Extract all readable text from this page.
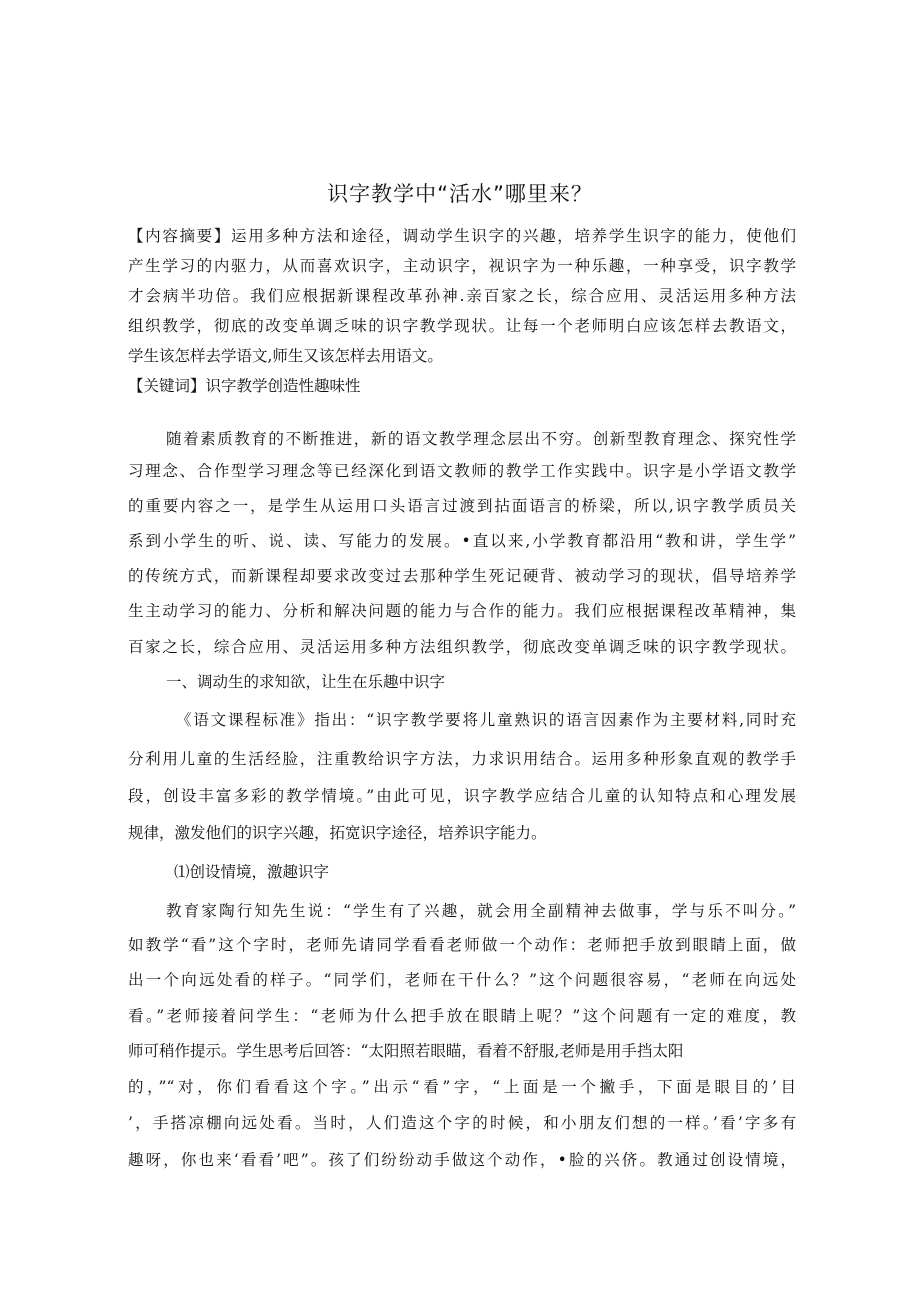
识字教学中“活水”哪里来？
【内容摘要】运用多种方法和途径，调动学生识字的兴趣，培养学生识字的能力，使他们
产生学习的内驱力，从而喜欢识字，主动识字，视识字为一种乐趣，一种享受，识字教学
才会病半功倍。我们应根据新课程改革孙神.亲百家之长，综合应用、灵活运用多种方法
组织教学，彻底的改变单调乏味的识字教学现状。让每一个老师明白应该怎样去教语文，
学生该怎样去学语文,师生又该怎样去用语文。
【关键词】识字教学创造性趣味性
随着素质教育的不断推进，新的语文教学理念层出不穷。创新型教育理念、探究性学
习理念、合作型学习理念等已经深化到语文教师的教学工作实践中。识字是小学语文教学
的重要内容之一，是学生从运用口头语言过渡到拈面语言的桥梁，所以,识字教学质员关
系到小学生的听、说、读、写能力的发展。•直以来,小学教育都沿用“教和讲，学生学”
的传统方式，而新课程却要求改变过去那种学生死记硬背、被动学习的现状，倡导培养学
生主动学习的能力、分析和解决问题的能力与合作的能力。我们应根据课程改革精神，集
百家之长，综合应用、灵活运用多种方法组织教学，彻底改变单调乏味的识字教学现状。
一、调动生的求知欲，让生在乐趣中识字
《语文课程标准》指出：“识字教学要将儿童熟识的语言因素作为主要材料,同时充
分利用儿童的生活经脸，注重教给识字方法，力求识用结合。运用多种形象直观的教学手
段，创设丰富多彩的教学情境。”由此可见，识字教学应结合儿童的认知特点和心理发展
规律，激发他们的识字兴趣，拓宽识字途径，培养识字能力。
⑴创设情境，激趣识字
教育家陶行知先生说：“学生有了兴趣，就会用全副精神去做事，学与乐不叫分。”
如教学“看”这个字时，老师先请同学看看老师做一个动作：老师把手放到眼睛上面，做
出一个向远处看的样子。“同学们，老师在干什么？”这个问题很容易，“老师在向远处
看。”老师接着问学生：“老师为什么把手放在眼睛上呢？”这个问题有一定的难度，教
师可稍作提示。学生思考后回答：“太阳照若眼瞄，看着不舒服,老师是用手挡太阳
的，”“对，你们看看这个字。”出示“看”字，“上面是一个撇手，下面是眼目的’目
’，手搭凉棚向远处看。当时，人们造这个字的时候，和小朋友们想的一样。’看’字多有
趣呀，你也来‘看看’吧”。孩了们纷纷动手做这个动作，•脸的兴侪。教通过创设情境，
